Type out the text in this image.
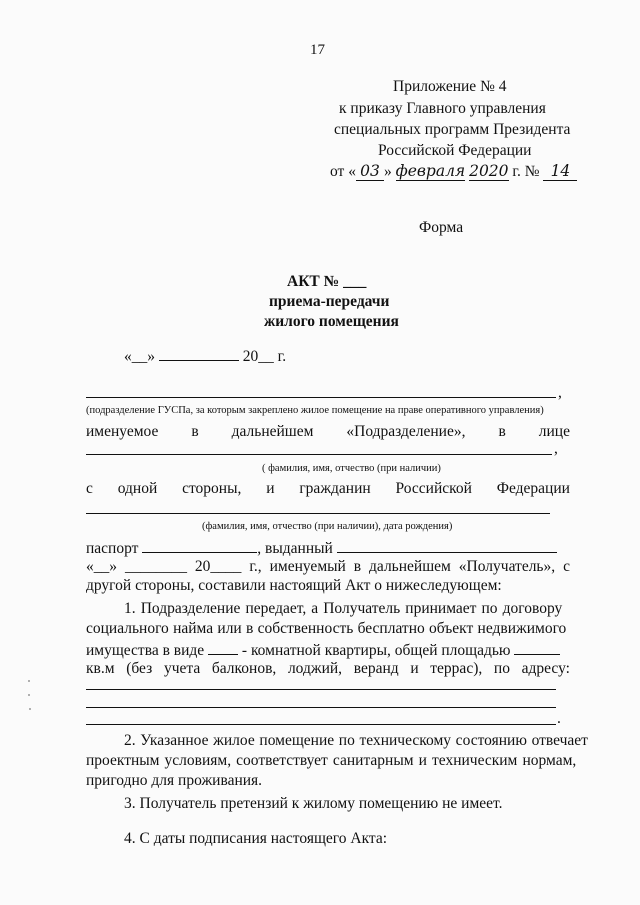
17
Приложение № 4
к приказу Главного управления
специальных программ Президента
Российской Федерации
от « 03 » февраля 2020 г. № 14
Форма
АКТ № ___
приема-передачи
жилого помещения
«__»	20__ г.
,
(подразделение ГУСПа, за которым закреплено жилое помещение на праве оперативного управления)
именуемое в дальнейшем «Подразделение», в лице
,
( фамилия, имя, отчество (при наличии)
с одной стороны, и гражданин Российской Федерации
(фамилия, имя, отчество (при наличии), дата рождения)
паспорт	, выданный
«__» ________ 20____ г., именуемый в дальнейшем «Получатель», с
другой стороны, составили настоящий Акт о нижеследующем:
1. Подразделение передает, а Получатель принимает по договору
социального найма или в собственность бесплатно объект недвижимого
имущества в виде - комнатной квартиры, общей площадью
кв.м (без учета балконов, лоджий, веранд и террас), по адресу:
.
2. Указанное жилое помещение по техническому состоянию отвечает
проектным условиям, соответствует санитарным и техническим нормам,
пригодно для проживания.
3. Получатель претензий к жилому помещению не имеет.
4. С даты подписания настоящего Акта:
